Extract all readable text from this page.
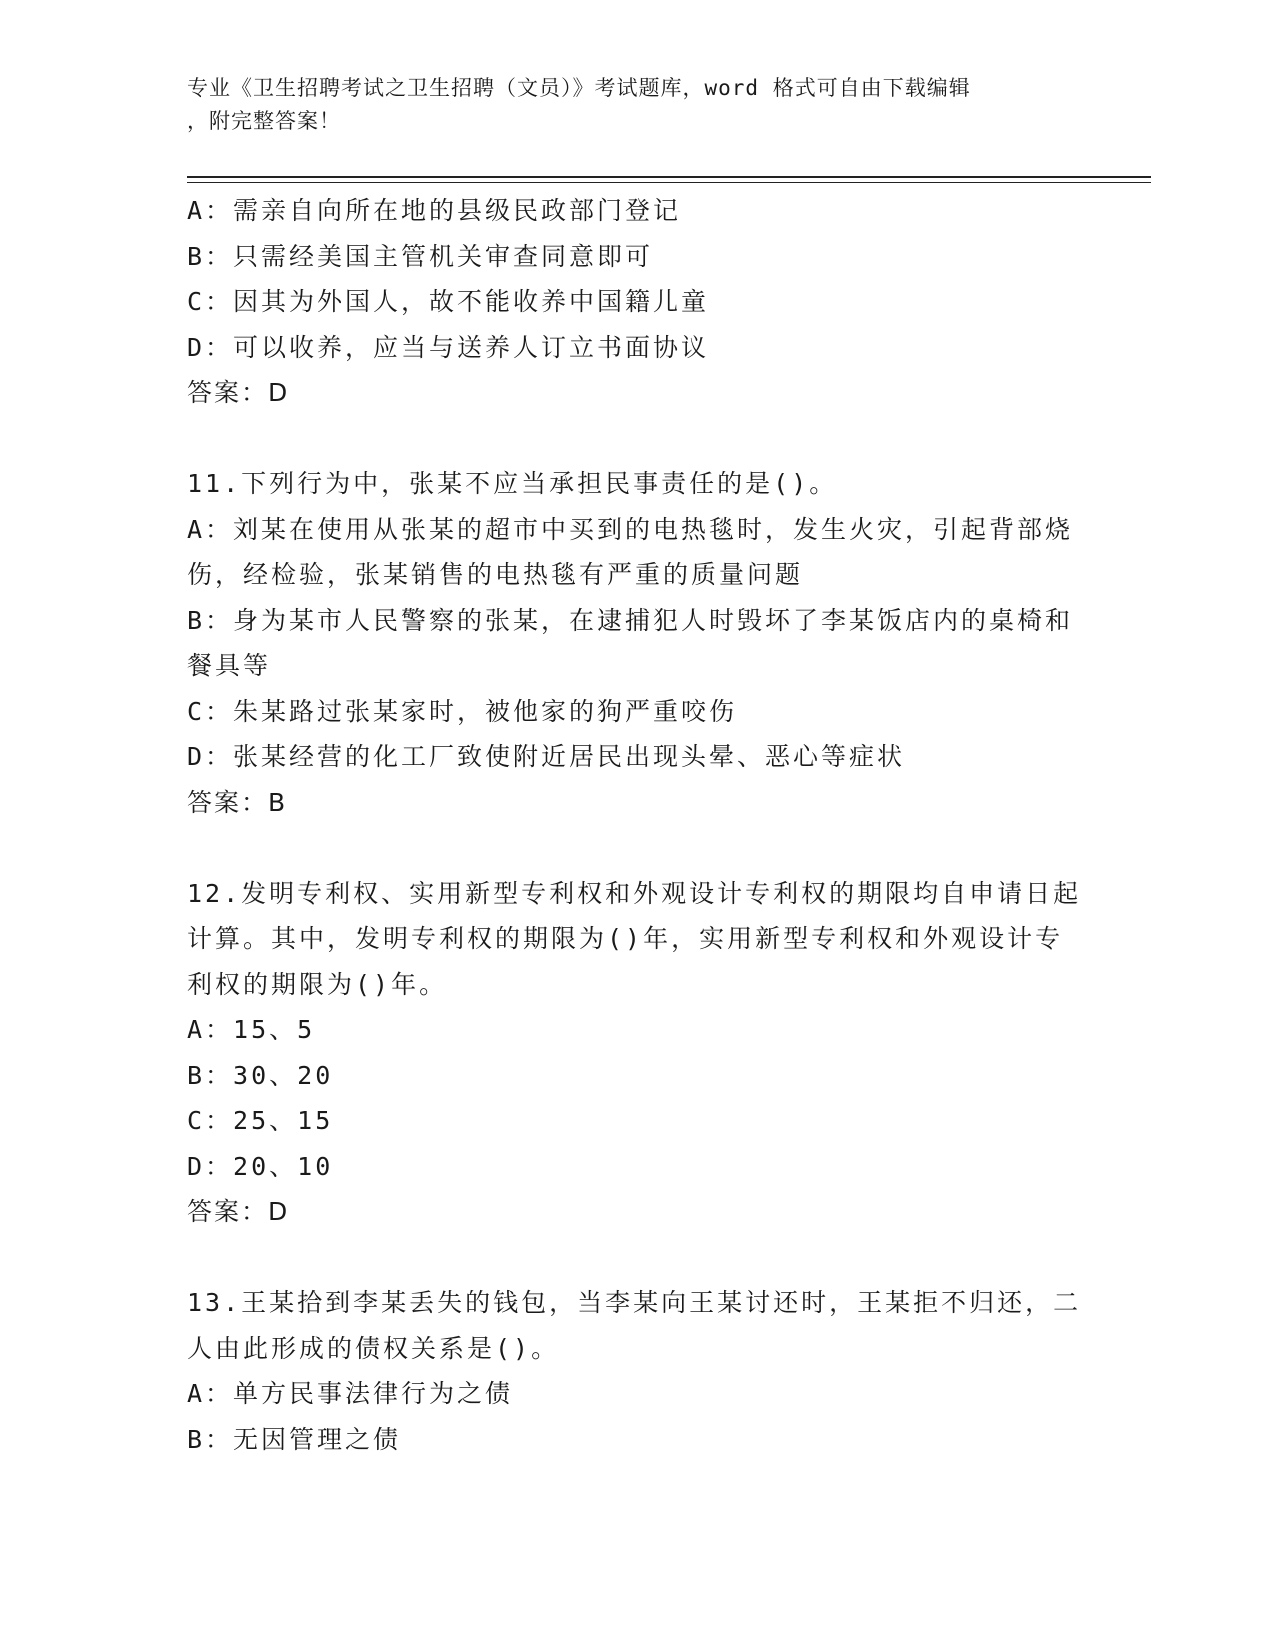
专业《卫生招聘考试之卫生招聘（文员）》考试题库，word 格式可自由下载编辑
，附完整答案！
A：需亲自向所在地的县级民政部门登记
B：只需经美国主管机关审查同意即可
C：因其为外国人，故不能收养中国籍儿童
D：可以收养，应当与送养人订立书面协议
答案：D
11.下列行为中，张某不应当承担民事责任的是()。
A：刘某在使用从张某的超市中买到的电热毯时，发生火灾，引起背部烧伤，经检验，张某销售的电热毯有严重的质量问题
B：身为某市人民警察的张某，在逮捕犯人时毁坏了李某饭店内的桌椅和餐具等
C：朱某路过张某家时，被他家的狗严重咬伤
D：张某经营的化工厂致使附近居民出现头晕、恶心等症状
答案：B
12.发明专利权、实用新型专利权和外观设计专利权的期限均自申请日起计算。其中，发明专利权的期限为()年，实用新型专利权和外观设计专利权的期限为()年。
A：15、5
B：30、20
C：25、15
D：20、10
答案：D
13.王某拾到李某丢失的钱包，当李某向王某讨还时，王某拒不归还，二人由此形成的债权关系是()。
A：单方民事法律行为之债
B：无因管理之债
